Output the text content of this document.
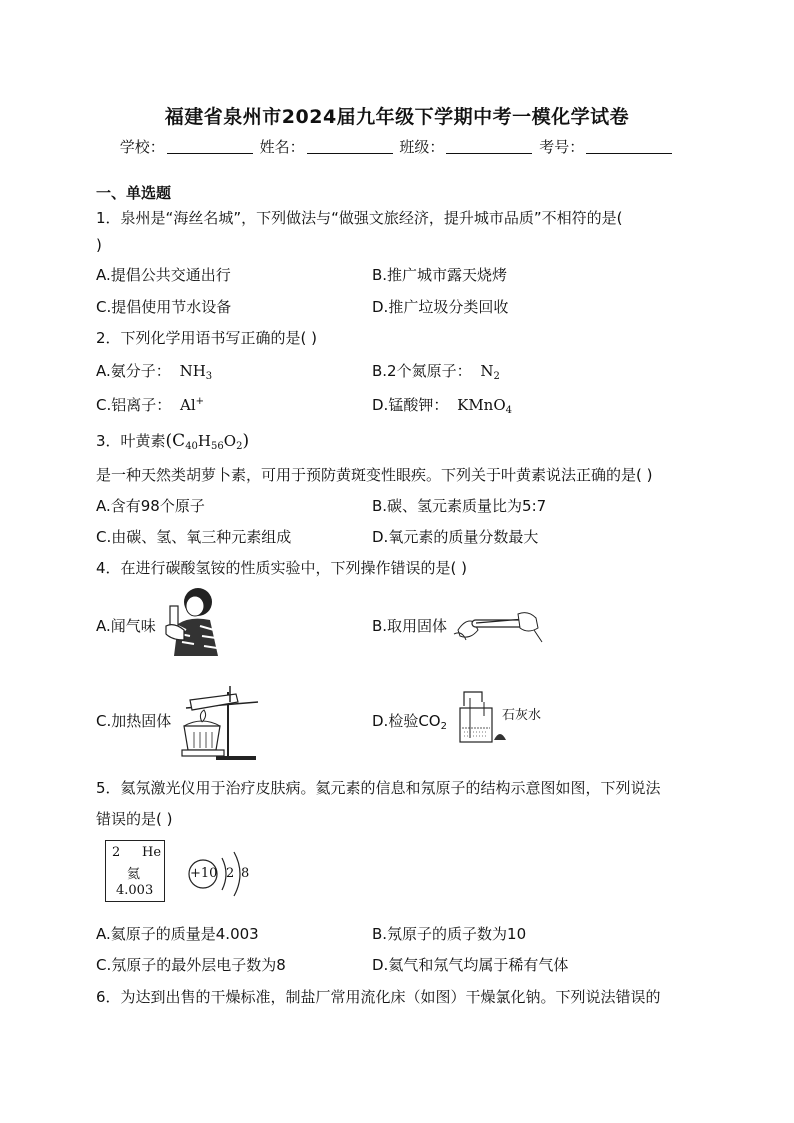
福建省泉州市2024届九年级下学期中考一模化学试卷
学校：	姓名：	班级：	考号：
一、单选题
1．泉州是“海丝名城”，下列做法与“做强文旅经济，提升城市品质”不相符的是(
)
A.提倡公共交通出行	B.推广城市露天烧烤
C.提倡使用节水设备	D.推广垃圾分类回收
2．下列化学用语书写正确的是( )
A.氨分子： $NH_3$	B.2个氮原子： $N_2$
C.铝离子： Al+	D.锰酸钾： KMnO$_4$
3．叶黄素$(C_{40}H_{56}O_2)$
是一种天然类胡萝卜素，可用于预防黄斑变性眼疾。下列关于叶黄素说法正确的是( )
A.含有98个原子	B.碳、氢元素质量比为5:7
C.由碳、氢、氧三种元素组成	D.氧元素的质量分数最大
4．在进行碳酸氢铵的性质实验中，下列操作错误的是( )
A.闻气味	B.取用固体
C.加热固体	D.检验$CO_2$
石灰水
5．氦氖激光仪用于治疗皮肤病。氦元素的信息和氖原子的结构示意图如图，下列说法
错误的是( )
2 He
氦
4.003
+10 2 8
A.氦原子的质量是4.003	B.氖原子的质子数为10
C.氖原子的最外层电子数为8	D.氦气和氖气均属于稀有气体
6．为达到出售的干燥标准，制盐厂常用流化床（如图）干燥氯化钠。下列说法错误的
